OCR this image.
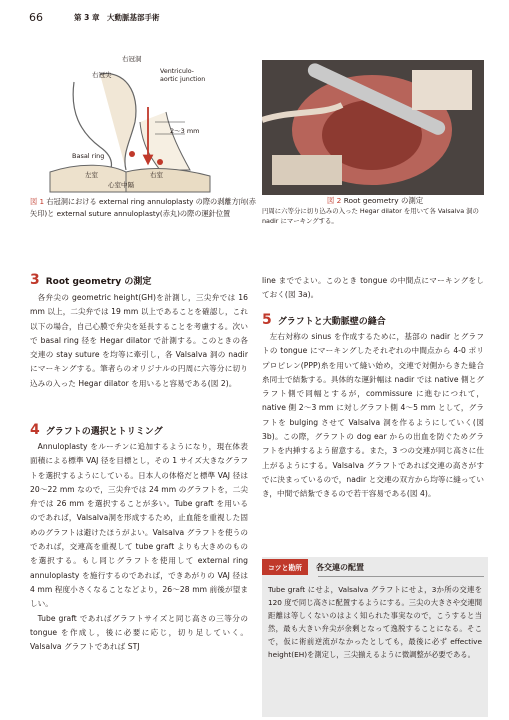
66	第 3 章　大動脈基部手術
右冠洞
右冠尖	Ventriculo-
aortic junction
2〜3 mm
Basal ring
左室	右室
心室中隔
図 1 右冠洞における external ring annuloplasty の際の剥離方向(赤矢印)と external suture annuloplasty(赤丸)の際の運針位置
図 2 Root geometry の測定
円周に六等分に切り込みの入った Hegar dilator を用いて各 Valsalva 洞の nadir にマーキングする。
3 Root geometry の測定

各弁尖の geometric height(GH)を計測し，三尖弁では 16 mm 以上，二尖弁では 19 mm 以上であることを確認し，これ以下の場合，自己心膜で弁尖を延長することを考慮する。次いで basal ring 径を Hegar dilator で計測する。このときの各交連の stay suture を均等に牽引し，各 Valsalva 洞の nadir にマーキングする。筆者らのオリジナルの円周に六等分に切り込みの入った Hegar dilator を用いると容易である(図 2)。

4 グラフトの選択とトリミング

Annuloplasty をルーチンに追加するようになり，現在体表面積による標準 VAJ 径を目標とし，その 1 サイズ大きなグラフトを選択するようにしている。日本人の体格だと標準 VAJ 径は 20〜22 mm なので，三尖弁では 24 mm のグラフトを，二尖弁では 26 mm を選択することが多い。Tube graft を用いるのであれば，Valsalva洞を形成するため，止血能を重視した固めのグラフトは避けたほうがよい。Valsalva グラフトを使うのであれば，交連高を重視して tube graft よりも大きめのものを選択する。もし同じグラフトを使用して external ring annuloplasty を施行するのであれば，できあがりの VAJ 径は 4 mm 程度小さくなることなどより，26〜28 mm 前後が望ましい。

Tube graft であればグラフトサイズと同じ高さの三等分の tongue を作成し，後に必要に応じ，切り足していく。Valsalva グラフトであれば STJ

line まででよい。このとき tongue の中間点にマーキングをしておく(図 3a)。
5 グラフトと大動脈壁の縫合

左右対称の sinus を作成するために，基部の nadir とグラフトの tongue にマーキングしたそれぞれの中間点から 4-0 ポリプロピレン(PPP)糸を用いて縫い始め，交連で対側からきた縫合糸同士で結紮する。具体的な運針幅は nadir では native 側とグラフト側で同幅とするが，commissure に進むにつれて，native 側 2〜3 mm に対しグラフト側 4〜5 mm として，グラフトを bulging させて Valsalva 洞を作るようにしていく(図 3b)。この際，グラフトの dog ear からの出血を防ぐためグラフトを内挿するよう留意する。また，3 つの交連が同じ高さに仕上がるようにする。Valsalva グラフトであれば交連の高さがすでに決まっているので，nadir と交連の双方から均等に縫っていき，中間で結紮できるので若干容易である(図 4)。

コツと勘所	各交連の配置
Tube graft にせよ，Valsalva グラフトにせよ，3か所の交連を 120 度で同じ高さに配置するようにする。三尖の大きさや交連間距離は等しくないのはよく知られた事実なので，こうすると当然，最も大きい弁尖が余剰となって逸脱することになる。そこで，仮に術前逆流がなかったとしても，最後に必ず effective height(EH)を測定し，三尖揃えるように微調整が必要である。
